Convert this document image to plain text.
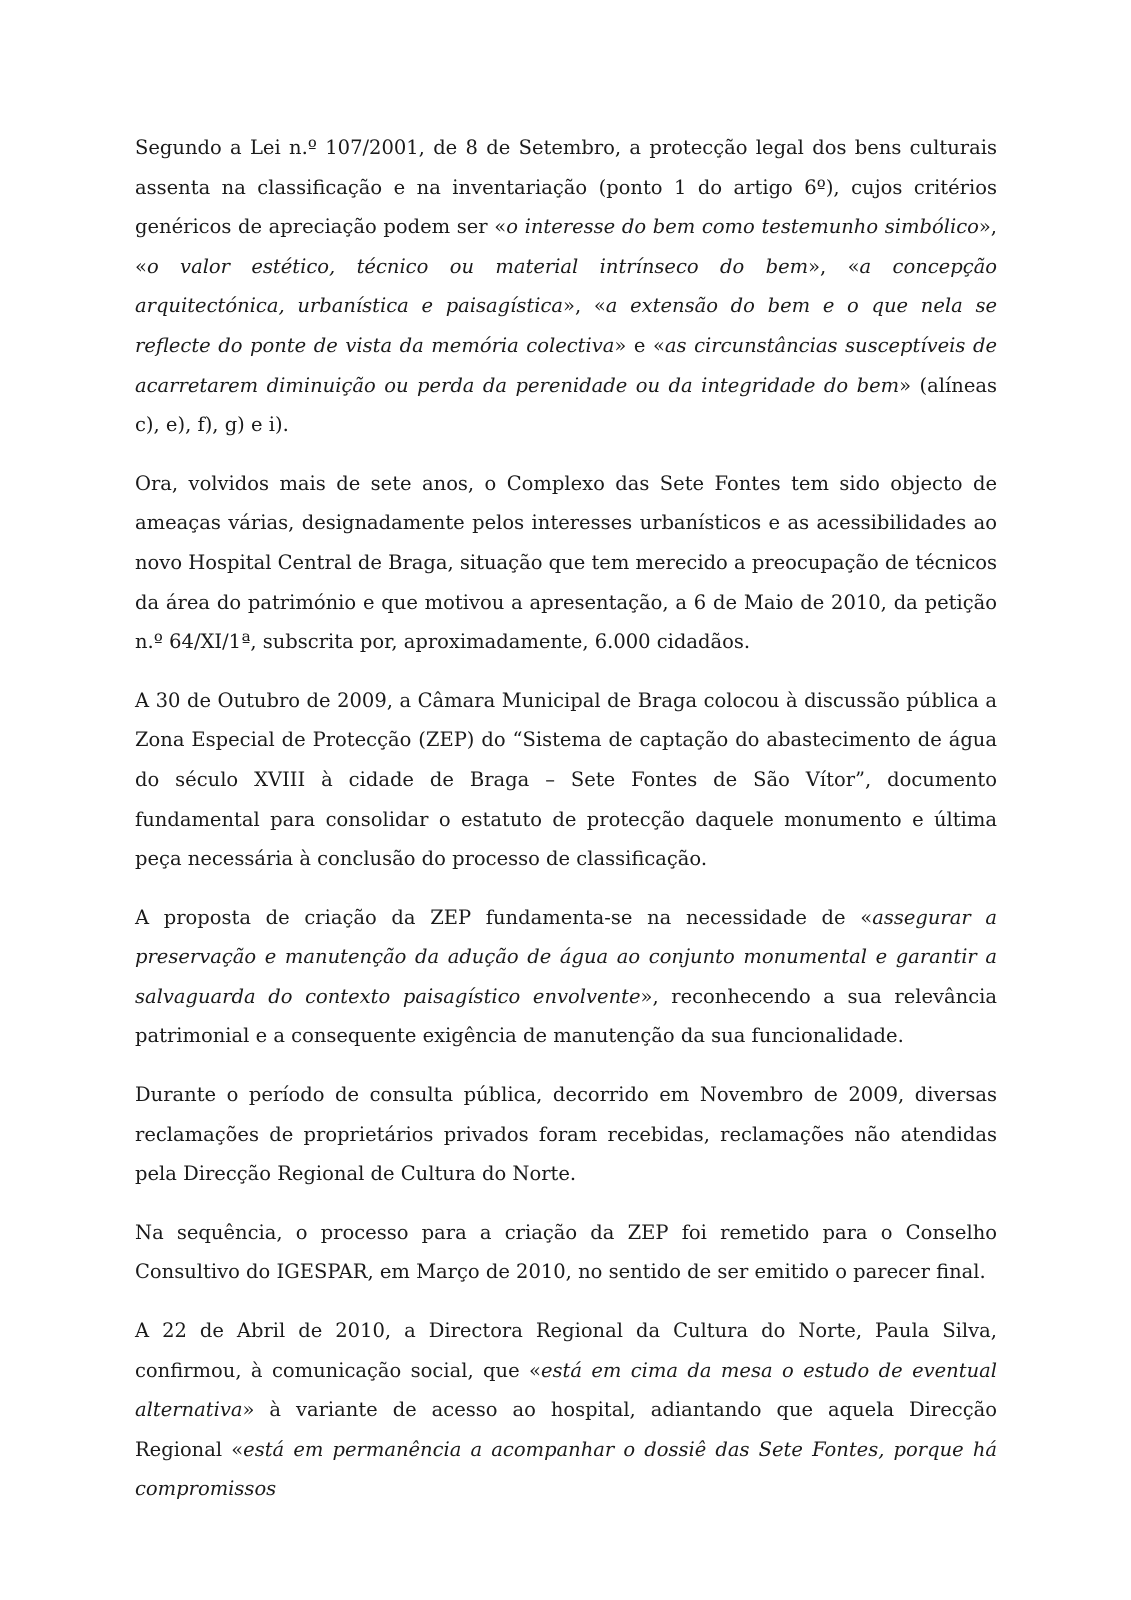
Segundo a Lei n.º 107/2001, de 8 de Setembro, a protecção legal dos bens culturais assenta na classificação e na inventariação (ponto 1 do artigo 6º), cujos critérios genéricos de apreciação podem ser «o interesse do bem como testemunho simbólico», «o valor estético, técnico ou material intrínseco do bem», «a concepção arquitectónica, urbanística e paisagística», «a extensão do bem e o que nela se reflecte do ponte de vista da memória colectiva» e «as circunstâncias susceptíveis de acarretarem diminuição ou perda da perenidade ou da integridade do bem» (alíneas c), e), f), g) e i).

Ora, volvidos mais de sete anos, o Complexo das Sete Fontes tem sido objecto de ameaças várias, designadamente pelos interesses urbanísticos e as acessibilidades ao novo Hospital Central de Braga, situação que tem merecido a preocupação de técnicos da área do património e que motivou a apresentação, a 6 de Maio de 2010, da petição n.º 64/XI/1ª, subscrita por, aproximadamente, 6.000 cidadãos.

A 30 de Outubro de 2009, a Câmara Municipal de Braga colocou à discussão pública a Zona Especial de Protecção (ZEP) do “Sistema de captação do abastecimento de água do século XVIII à cidade de Braga – Sete Fontes de São Vítor”, documento fundamental para consolidar o estatuto de protecção daquele monumento e última peça necessária à conclusão do processo de classificação.

A proposta de criação da ZEP fundamenta-se na necessidade de «assegurar a preservação e manutenção da adução de água ao conjunto monumental e garantir a salvaguarda do contexto paisagístico envolvente», reconhecendo a sua relevância patrimonial e a consequente exigência de manutenção da sua funcionalidade.

Durante o período de consulta pública, decorrido em Novembro de 2009, diversas reclamações de proprietários privados foram recebidas, reclamações não atendidas pela Direcção Regional de Cultura do Norte.

Na sequência, o processo para a criação da ZEP foi remetido para o Conselho Consultivo do IGESPAR, em Março de 2010, no sentido de ser emitido o parecer final.

A 22 de Abril de 2010, a Directora Regional da Cultura do Norte, Paula Silva, confirmou, à comunicação social, que «está em cima da mesa o estudo de eventual alternativa» à variante de acesso ao hospital, adiantando que aquela Direcção Regional «está em permanência a acompanhar o dossiê das Sete Fontes, porque há compromissos
